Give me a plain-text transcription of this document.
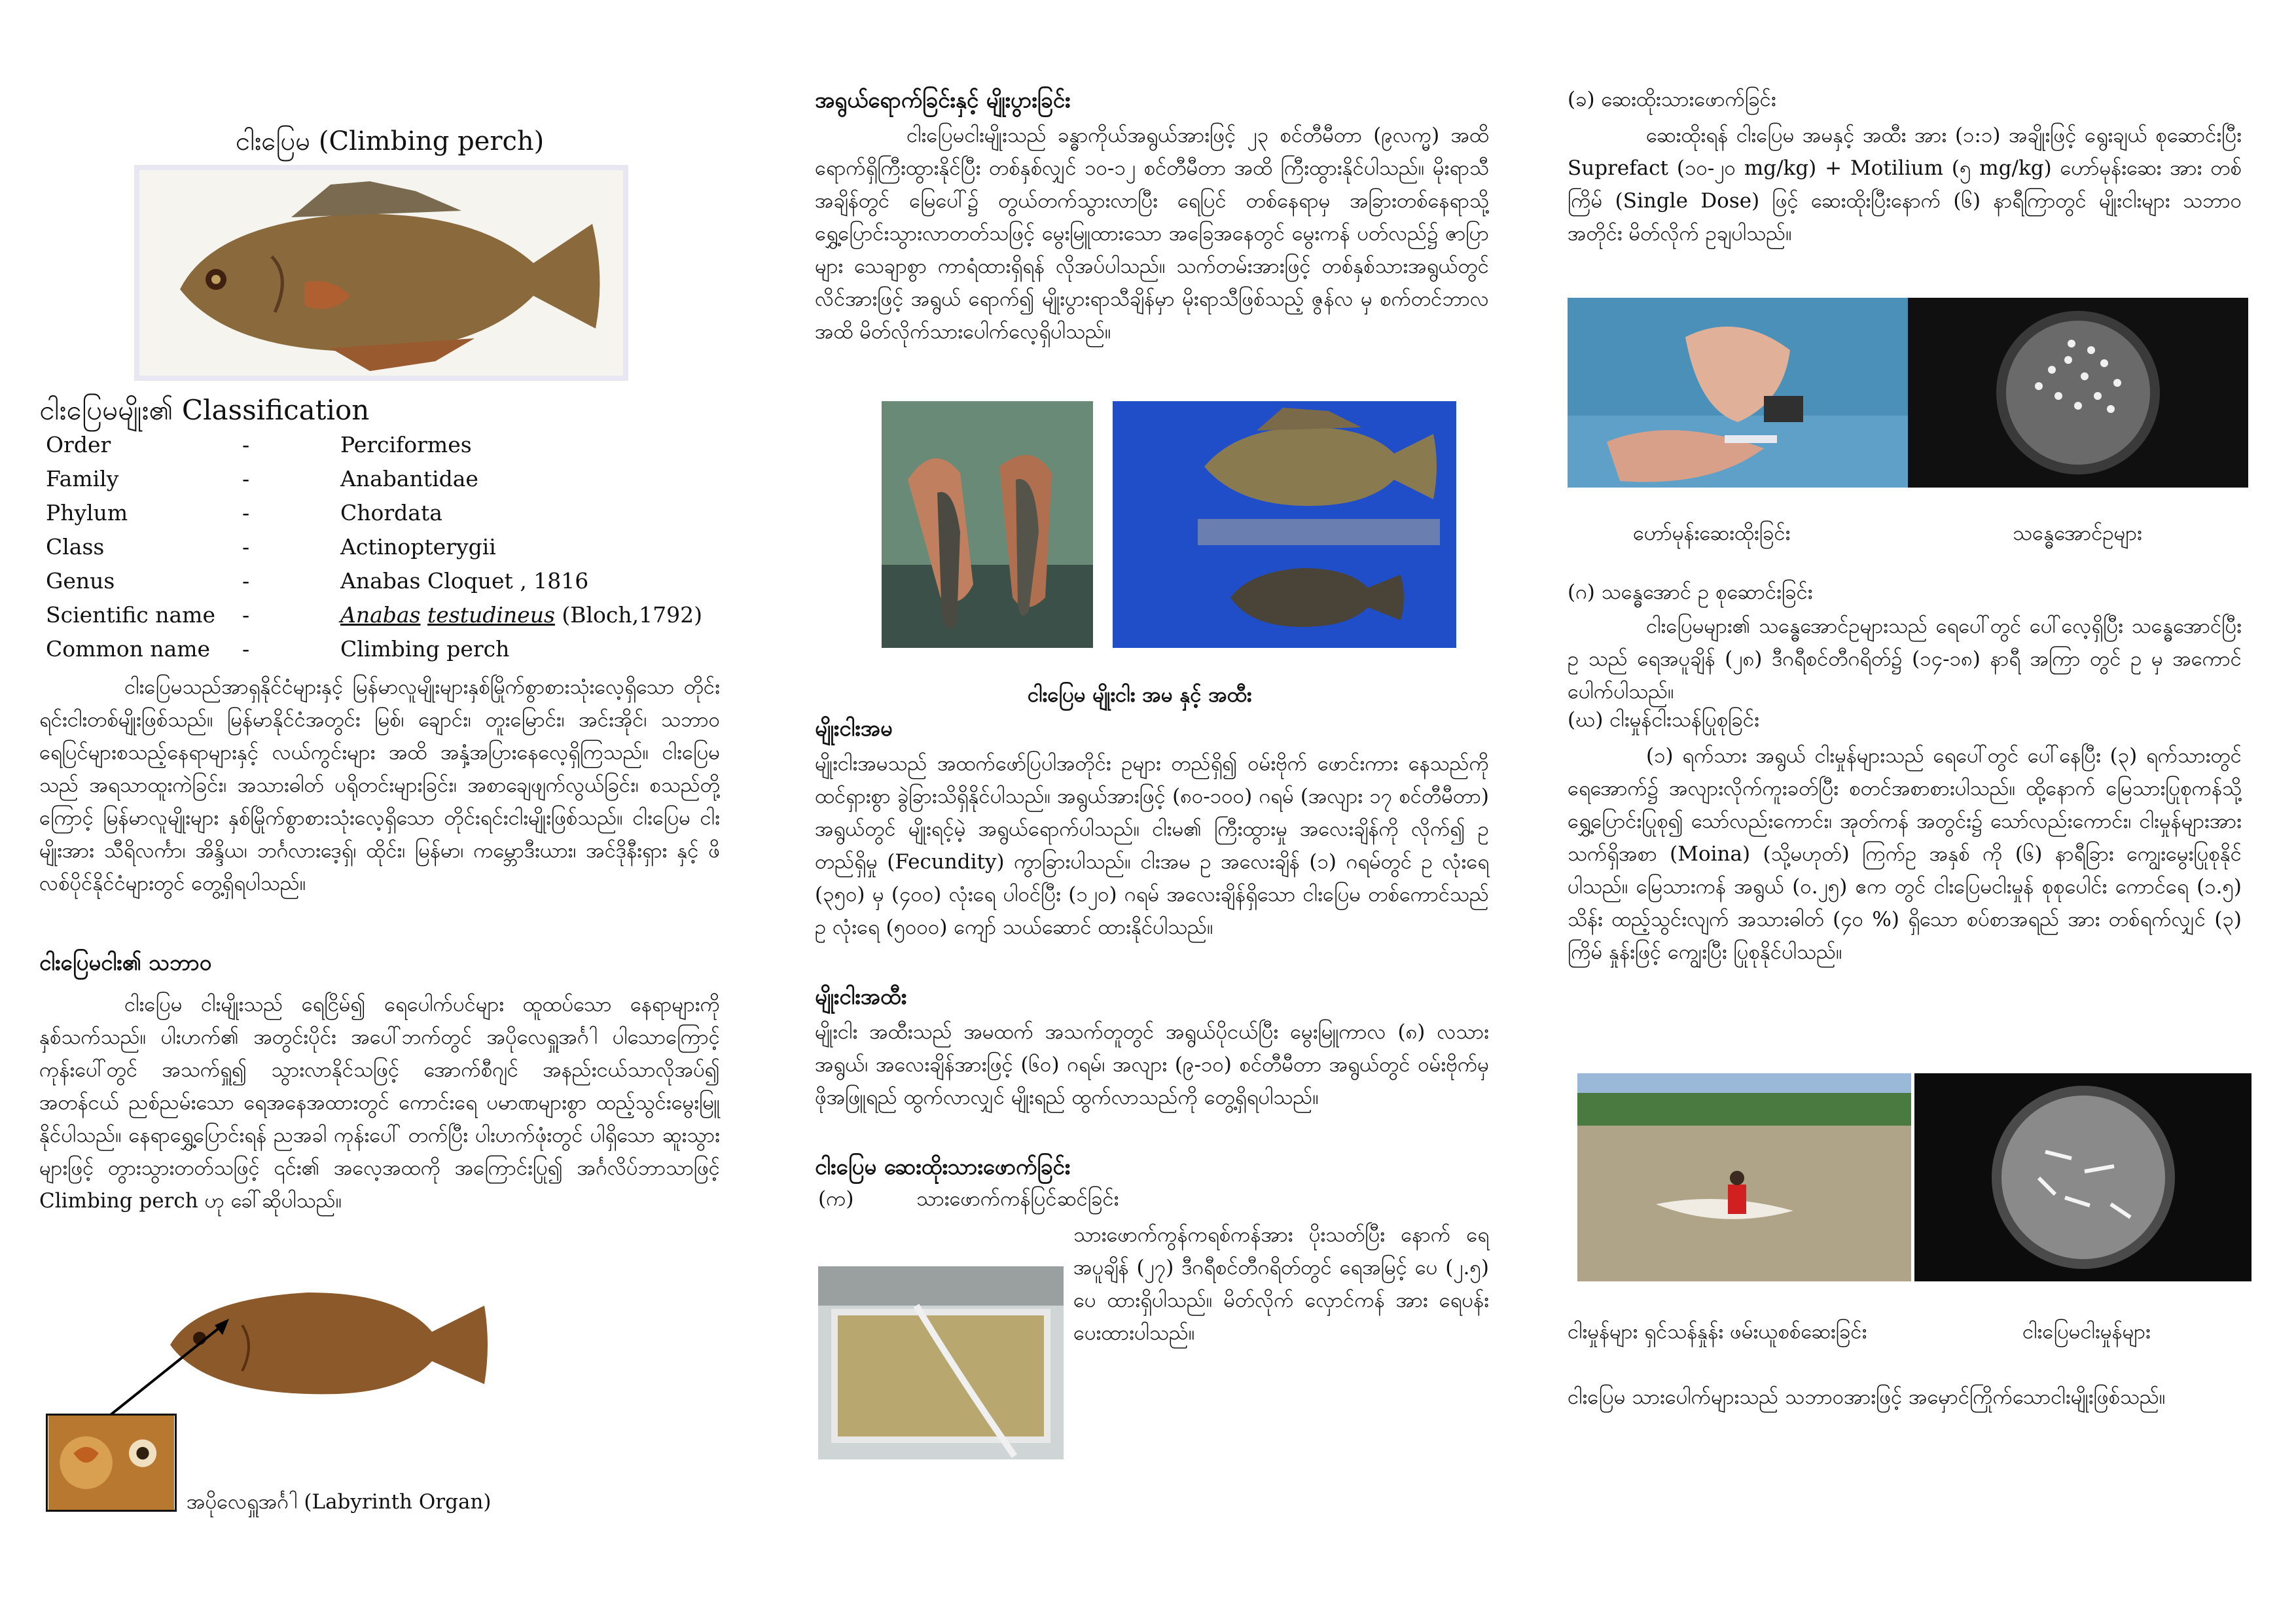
ငါးပြေမ (Climbing perch)
ငါးပြေမမျိုး၏ Classification
Order	-	Perciformes
Family	-	Anabantidae
Phylum	-	Chordata
Class	-	Actinopterygii
Genus	-	Anabas Cloquet , 1816
Scientific name	-	Anabas testudineus (Bloch,1792)
Common name	-	Climbing perch
ငါးပြေမသည်အာရှနိုင်ငံများနှင့် မြန်မာလူမျိုးများနှစ်မြိုက်စွာစားသုံးလေ့ရှိသော တိုင်းရင်းငါးတစ်မျိုးဖြစ်သည်။ မြန်မာနိုင်ငံအတွင်း မြစ်၊ ချောင်း၊ တူးမြောင်း၊ အင်းအိုင်၊ သဘာဝရေပြင်များစသည့်နေရာများနှင့် လယ်ကွင်းများ အထိ အနှံ့အပြားနေလေ့ရှိကြသည်။ ငါးပြေမသည် အရသာထူးကဲခြင်း၊ အသားဓါတ် ပရိုတင်းများခြင်း၊ အစာချေဖျက်လွယ်ခြင်း၊ စသည်တို့ကြောင့် မြန်မာလူမျိုးများ နှစ်မြိုက်စွာစားသုံးလေ့ရှိသော တိုင်းရင်းငါးမျိုးဖြစ်သည်။ ငါးပြေမ ငါးမျိုးအား သီရိလင်္ကာ၊ အိန္ဒိယ၊ ဘင်္ဂလားဒေ့ရှ်၊ ထိုင်း၊ မြန်မာ၊ ကမ္ဘောဒီးယား၊ အင်ဒိုနီးရှား နှင့် ဖိလစ်ပိုင်နိုင်ငံများတွင် တွေ့ရှိရပါသည်။
ငါးပြေမငါး၏ သဘာဝ
ငါးပြေမ ငါးမျိုးသည် ရေငြိမ်၍ ရေပေါက်ပင်များ ထူထပ်သော နေရာများကိုနှစ်သက်သည်။ ပါးဟက်၏ အတွင်းပိုင်း အပေါ်ဘက်တွင် အပိုလေရှူအင်္ဂါ ပါသောကြောင့် ကုန်းပေါ်တွင် အသက်ရှူ၍ သွားလာနိုင်သဖြင့် အောက်စီဂျင် အနည်းငယ်သာလိုအပ်၍ အတန်ငယ် ညစ်ညမ်းသော ရေအနေအထားတွင် ကောင်းရေ ပမာဏများစွာ ထည့်သွင်းမွေးမြူနိုင်ပါသည်။ နေရာရွှေ့ပြောင်းရန် ညအခါ ကုန်းပေါ် တက်ပြီး ပါးဟက်ဖုံးတွင် ပါရှိသော ဆူးသွားများဖြင့် တွားသွားတတ်သဖြင့် ၎င်း၏ အလေ့အထကို အကြောင်းပြု၍ အင်္ဂလိပ်ဘာသာဖြင့် Climbing perch ဟု ခေါ်ဆိုပါသည်။
အပိုလေရှူအင်္ဂါ (Labyrinth Organ)
အရွယ်ရောက်ခြင်းနှင့် မျိုးပွားခြင်း
ငါးပြေမငါးမျိုးသည် ခန္ဓာကိုယ်အရွယ်အားဖြင့် ၂၃ စင်တီမီတာ (၉လက္မ) အထိ ရောက်ရှိကြီးထွားနိုင်ပြီး တစ်နှစ်လျှင် ၁၀-၁၂ စင်တီမီတာ အထိ ကြီးထွားနိုင်ပါသည်။ မိုးရာသီအချိန်တွင် မြေပေါ်၌ တွယ်တက်သွားလာပြီး ရေပြင် တစ်နေရာမှ အခြားတစ်နေရာသို့ ရွှေ့ပြောင်းသွားလာတတ်သဖြင့် မွေးမြူထားသော အခြေအနေတွင် မွေးကန် ပတ်လည်၌ ဇာပြာများ သေချာစွာ ကာရံထားရှိရန် လိုအပ်ပါသည်။ သက်တမ်းအားဖြင့် တစ်နှစ်သားအရွယ်တွင် လိင်အားဖြင့် အရွယ် ရောက်၍ မျိုးပွားရာသီချိန်မှာ မိုးရာသီဖြစ်သည့် ဇွန်လ မှ စက်တင်ဘာလ အထိ မိတ်လိုက်သားပေါက်လေ့ရှိပါသည်။
ငါးပြေမ မျိုးငါး အမ နှင့် အထီး
မျိုးငါးအမ
မျိုးငါးအမသည် အထက်ဖော်ပြပါအတိုင်း ဥများ တည်ရှိ၍ ဝမ်းဗိုက် ဖောင်းကား နေသည်ကို ထင်ရှားစွာ ခွဲခြားသိရှိနိုင်ပါသည်။ အရွယ်အားဖြင့် (၈၀-၁၀၀) ဂရမ် (အလျား ၁၇ စင်တီမီတာ) အရွယ်တွင် မျိုးရင့်မဲ့ အရွယ်ရောက်ပါသည်။ ငါးမ၏ ကြီးထွားမှု အလေးချိန်ကို လိုက်၍ ဥတည်ရှိမှု (Fecundity) ကွာခြားပါသည်။ ငါးအမ ဥ အလေးချိန် (၁) ဂရမ်တွင် ဥ လုံးရေ (၃၅၀) မှ (၄၀၀) လုံးရေ ပါဝင်ပြီး (၁၂၀) ဂရမ် အလေးချိန်ရှိသော ငါးပြေမ တစ်ကောင်သည် ဥ လုံးရေ (၅၀၀၀) ကျော် သယ်ဆောင် ထားနိုင်ပါသည်။
မျိုးငါးအထီး
မျိုးငါး အထီးသည် အမထက် အသက်တူတွင် အရွယ်ပိုငယ်ပြီး မွေးမြူကာလ (၈) လသားအရွယ်၊ အလေးချိန်အားဖြင့် (၆၀) ဂရမ်၊ အလျား (၉-၁၀) စင်တီမီတာ အရွယ်တွင် ဝမ်းဗိုက်မှ ဖိုအဖြူရည် ထွက်လာလျှင် မျိုးရည် ထွက်လာသည်ကို တွေ့ရှိရပါသည်။
ငါးပြေမ ဆေးထိုးသားဖောက်ခြင်း
(က)	သားဖောက်ကန်ပြင်ဆင်ခြင်း
သားဖောက်ကွန်ကရစ်ကန်အား ပိုးသတ်ပြီး နောက် ရေအပူချိန် (၂၇) ဒီဂရီစင်တီဂရိတ်တွင် ရေအမြင့် ပေ (၂.၅) ပေ ထားရှိပါသည်။ မိတ်လိုက် လှောင်ကန် အား ရေပန်းပေးထားပါသည်။
(ခ) ဆေးထိုးသားဖောက်ခြင်း
ဆေးထိုးရန် ငါးပြေမ အမနှင့် အထီး အား (၁:၁) အချိုးဖြင့် ရွေးချယ် စုဆောင်းပြီး Suprefact (၁၀-၂၀ mg/kg) + Motilium (၅ mg/kg) ဟော်မုန်းဆေး အား တစ်ကြိမ် (Single Dose) ဖြင့် ဆေးထိုးပြီးနောက် (၆) နာရီကြာတွင် မျိုးငါးများ သဘာဝအတိုင်း မိတ်လိုက် ဥချပါသည်။
ဟော်မုန်းဆေးထိုးခြင်း	သန္ဓေအောင်ဥများ
(ဂ) သန္ဓေအောင် ဥ စုဆောင်းခြင်း
ငါးပြေမများ၏ သန္ဓေအောင်ဥများသည် ရေပေါ်တွင် ပေါ်လေ့ရှိပြီး သန္ဓေအောင်ပြီး ဥ သည် ရေအပူချိန် (၂၈) ဒီဂရီစင်တီဂရိတ်၌ (၁၄-၁၈) နာရီ အကြာ တွင် ဥ မှ အကောင်ပေါက်ပါသည်။
(ဃ) ငါးမှုန်ငါးသန်ပြုစုခြင်း
(၁) ရက်သား အရွယ် ငါးမှုန်များသည် ရေပေါ်တွင် ပေါ်နေပြီး (၃) ရက်သားတွင် ရေအောက်၌ အလျားလိုက်ကူးခတ်ပြီး စတင်အစာစားပါသည်။ ထို့နောက် မြေသားပြုစုကန်သို့ ရွှေ့ပြောင်းပြုစု၍ သော်လည်းကောင်း၊ အုတ်ကန် အတွင်း၌ သော်လည်းကောင်း၊ ငါးမှုန်များအား သက်ရှိအစာ (Moina) (သို့မဟုတ်) ကြက်ဥ အနှစ် ကို (၆) နာရီခြား ကျွေးမွေးပြုစုနိုင်ပါသည်။ မြေသားကန် အရွယ် (၀.၂၅) ဧက တွင် ငါးပြေမငါးမှုန် စုစုပေါင်း ကောင်ရေ (၁.၅) သိန်း ထည့်သွင်းလျက် အသားဓါတ် (၄၀ %) ရှိသော စပ်စာအရည် အား တစ်ရက်လျှင် (၃) ကြိမ် နှုန်းဖြင့် ကျွေးပြီး ပြုစုနိုင်ပါသည်။
ငါးမှုန်များ ရှင်သန်နှုန်း ဖမ်းယူစစ်ဆေးခြင်း	ငါးပြေမငါးမှုန်များ
ငါးပြေမ သားပေါက်များသည် သဘာဝအားဖြင့် အမှောင်ကြိုက်သောငါးမျိုးဖြစ်သည်။
